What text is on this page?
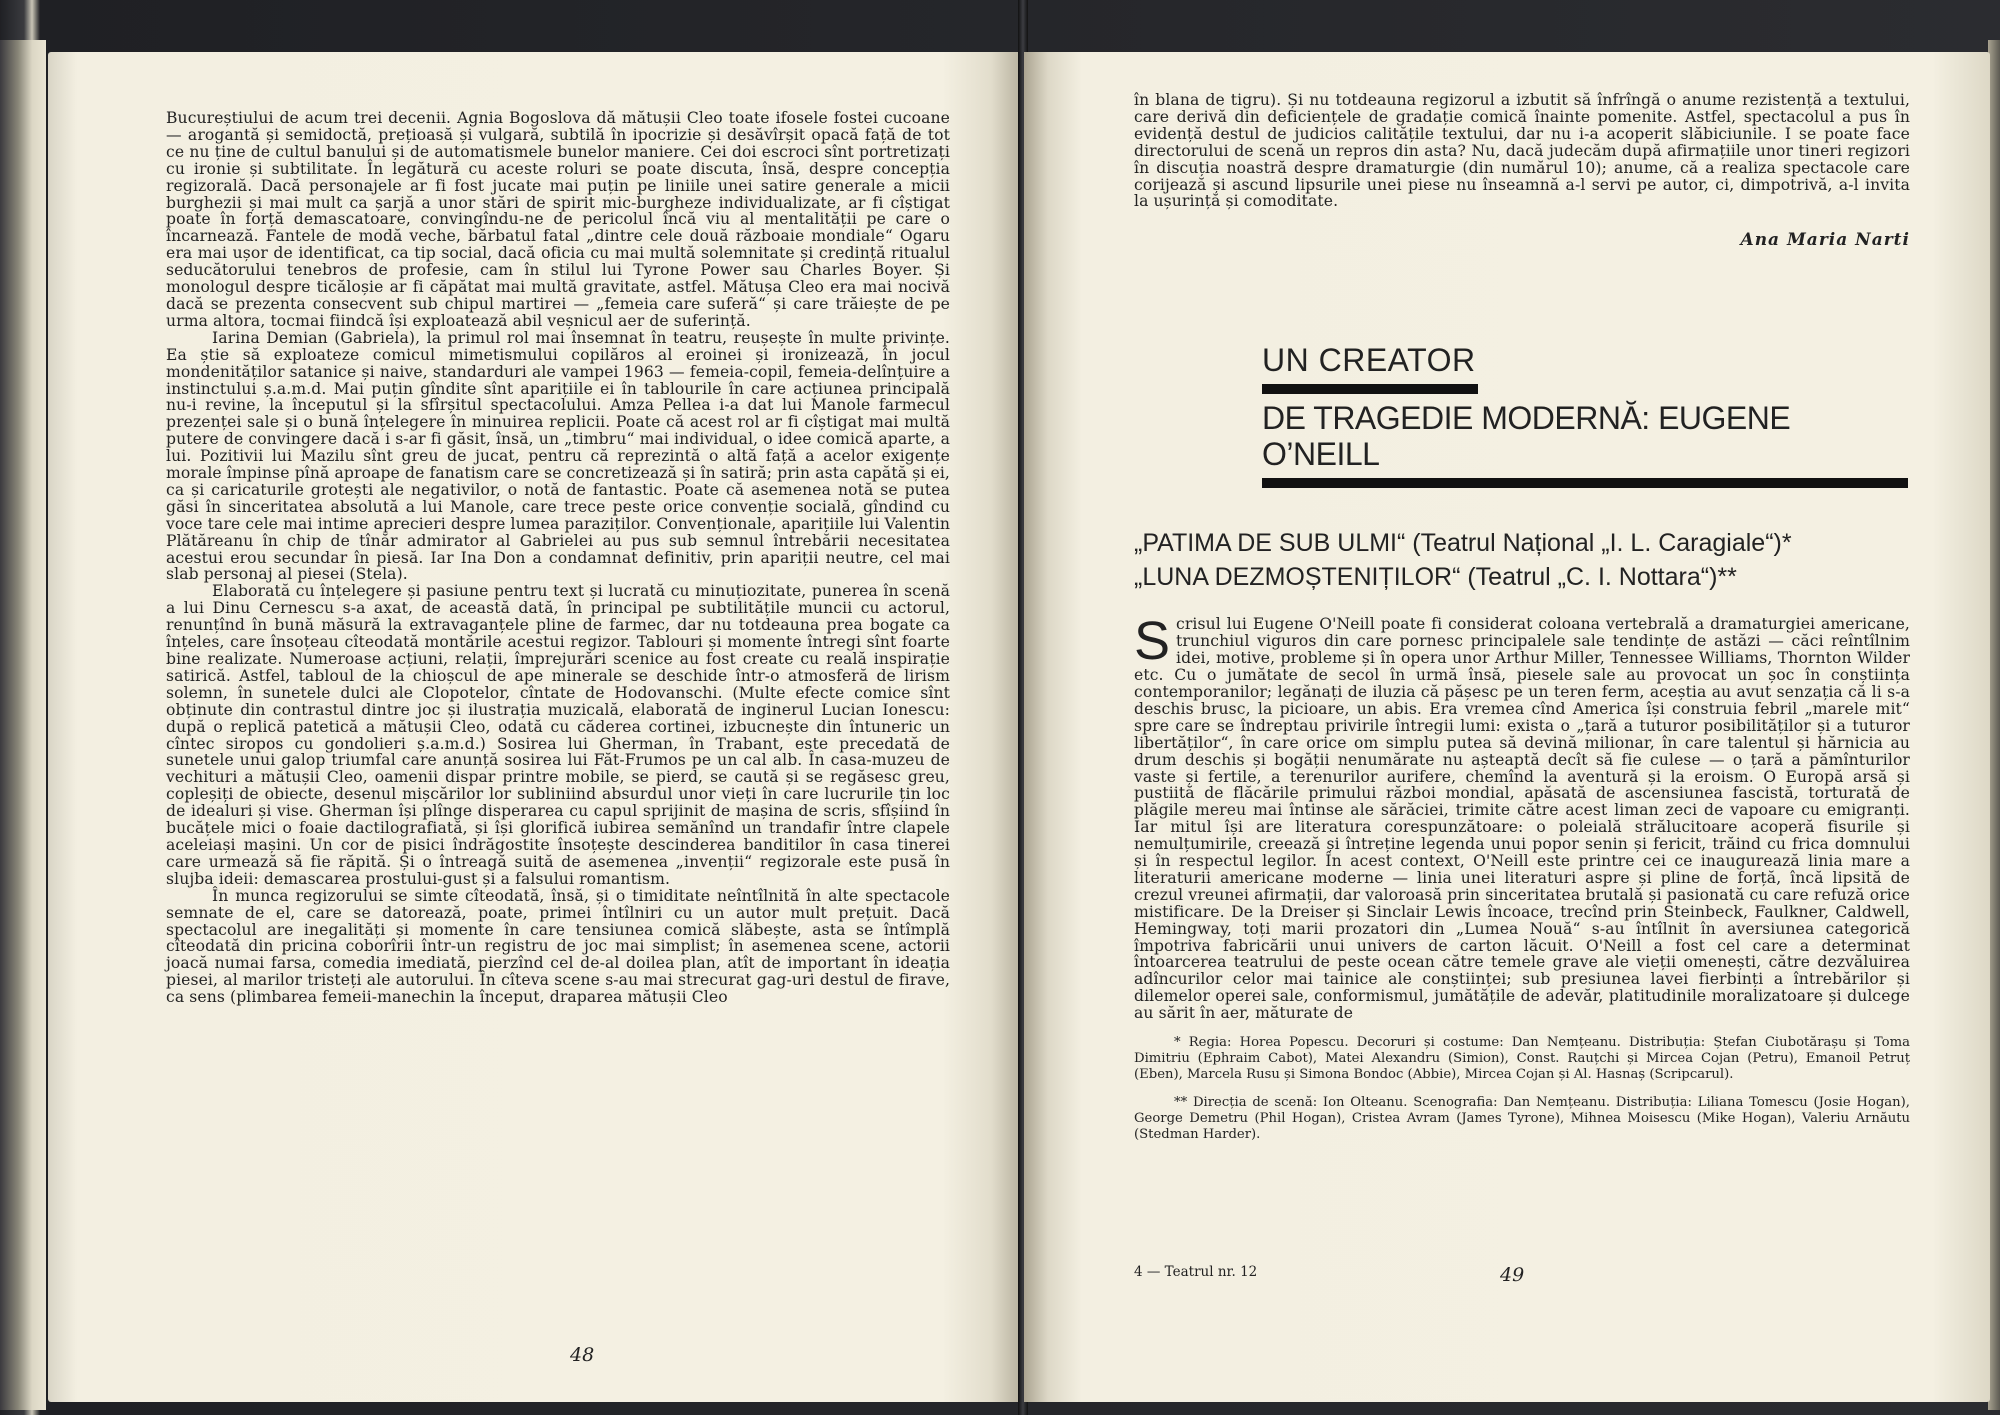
Bucureștiului de acum trei decenii. Agnia Bogoslova dă mătușii Cleo toate ifosele fostei cucoane — arogantă și semidoctă, prețioasă și vulgară, subtilă în ipocrizie și desăvîrșit opacă față de tot ce nu ține de cultul banului și de automatismele bunelor maniere. Cei doi escroci sînt portretizați cu ironie și subtilitate. În legătură cu aceste roluri se poate discuta, însă, despre concepția regizorală. Dacă personajele ar fi fost jucate mai puțin pe liniile unei satire generale a micii burghezii și mai mult ca șarjă a unor stări de spirit mic-burgheze individualizate, ar fi cîștigat poate în forță demascatoare, convingîndu-ne de pericolul încă viu al mentalității pe care o încarnează. Fantele de modă veche, bărbatul fatal „dintre cele două războaie mondiale“ Ogaru era mai ușor de identificat, ca tip social, dacă oficia cu mai multă solemnitate și credință ritualul seducătorului tenebros de profesie, cam în stilul lui Tyrone Power sau Charles Boyer. Și monologul despre ticăloșie ar fi căpătat mai multă gravitate, astfel. Mătușa Cleo era mai nocivă dacă se prezenta consecvent sub chipul martirei — „femeia care suferă“ și care trăiește de pe urma altora, tocmai fiindcă își exploatează abil veșnicul aer de suferință.

Iarina Demian (Gabriela), la primul rol mai însemnat în teatru, reușește în multe privințe. Ea știe să exploateze comicul mimetismului copilăros al eroinei și ironizează, în jocul mondenităților satanice și naive, standarduri ale vampei 1963 — femeia-copil, femeia-delînțuire a instinctului ș.a.m.d. Mai puțin gîndite sînt aparițiile ei în tablourile în care acțiunea principală nu-i revine, la începutul și la sfîrșitul spectacolului. Amza Pellea i-a dat lui Manole farmecul prezenței sale și o bună înțelegere în minuirea replicii. Poate că acest rol ar fi cîștigat mai multă putere de convingere dacă i s-ar fi găsit, însă, un „timbru“ mai individual, o idee comică aparte, a lui. Pozitivii lui Mazilu sînt greu de jucat, pentru că reprezintă o altă față a acelor exigențe morale împinse pînă aproape de fanatism care se concretizează și în satiră; prin asta capătă și ei, ca și caricaturile grotești ale negativilor, o notă de fantastic. Poate că asemenea notă se putea găsi în sinceritatea absolută a lui Manole, care trece peste orice convenție socială, gîndind cu voce tare cele mai intime aprecieri despre lumea paraziților. Convenționale, aparițiile lui Valentin Plătăreanu în chip de tînăr admirator al Gabrielei au pus sub semnul întrebării necesitatea acestui erou secundar în piesă. Iar Ina Don a condamnat definitiv, prin apariții neutre, cel mai slab personaj al piesei (Stela).

Elaborată cu înțelegere și pasiune pentru text și lucrată cu minuțiozitate, punerea în scenă a lui Dinu Cernescu s-a axat, de această dată, în principal pe subtilitățile muncii cu actorul, renunțînd în bună măsură la extravaganțele pline de farmec, dar nu totdeauna prea bogate ca înțeles, care însoțeau cîteodată montările acestui regizor. Tablouri și momente întregi sînt foarte bine realizate. Numeroase acțiuni, relații, împrejurări scenice au fost create cu reală inspirație satirică. Astfel, tabloul de la chioșcul de ape minerale se deschide într-o atmosferă de lirism solemn, în sunetele dulci ale Clopotelor, cîntate de Hodovanschi. (Multe efecte comice sînt obținute din contrastul dintre joc și ilustrația muzicală, elaborată de inginerul Lucian Ionescu: după o replică patetică a mătușii Cleo, odată cu căderea cortinei, izbucnește din întuneric un cîntec siropos cu gondolieri ș.a.m.d.) Sosirea lui Gherman, în Trabant, este precedată de sunetele unui galop triumfal care anunță sosirea lui Făt-Frumos pe un cal alb. În casa-muzeu de vechituri a mătușii Cleo, oamenii dispar printre mobile, se pierd, se caută și se regăsesc greu, copleșiți de obiecte, desenul mișcărilor lor subliniind absurdul unor vieți în care lucrurile țin loc de idealuri și vise. Gherman își plînge disperarea cu capul sprijinit de mașina de scris, sfîșiind în bucățele mici o foaie dactilografiată, și își glorifică iubirea semănînd un trandafir între clapele aceleiași mașini. Un cor de pisici îndrăgostite însoțește descinderea banditilor în casa tinerei care urmează să fie răpită. Și o întreagă suită de asemenea „invenții“ regizorale este pusă în slujba ideii: demascarea prostului-gust și a falsului romantism.

În munca regizorului se simte cîteodată, însă, și o timiditate neîntîlnită în alte spectacole semnate de el, care se datorează, poate, primei întîlniri cu un autor mult prețuit. Dacă spectacolul are inegalități și momente în care tensiunea comică slăbește, asta se întîmplă cîteodată din pricina coborîrii într-un registru de joc mai simplist; în asemenea scene, actorii joacă numai farsa, comedia imediată, pierzînd cel de-al doilea plan, atît de important în ideația piesei, al marilor tristeți ale autorului. În cîteva scene s-au mai strecurat gag-uri destul de firave, ca sens (plimbarea femeii-manechin la început, draparea mătușii Cleo

48

în blana de tigru). Și nu totdeauna regizorul a izbutit să înfrîngă o anume rezistență a textului, care derivă din deficiențele de gradație comică înainte pomenite. Astfel, spectacolul a pus în evidență destul de judicios calitățile textului, dar nu i-a acoperit slăbiciunile. I se poate face directorului de scenă un repros din asta? Nu, dacă judecăm după afirmațiile unor tineri regizori în discuția noastră despre dramaturgie (din numărul 10); anume, că a realiza spectacole care corijează și ascund lipsurile unei piese nu înseamnă a-l servi pe autor, ci, dimpotrivă, a-l invita la ușurință și comoditate.

Ana Maria Narti

UN CREATOR
DE TRAGEDIE MODERNĂ: EUGENE O’NEILL

„PATIMA DE SUB ULMI“ (Teatrul Național „I. L. Caragiale“)*

„LUNA DEZMOȘTENIȚILOR“ (Teatrul „C. I. Nottara“)**

S crisul lui Eugene O'Neill poate fi considerat coloana vertebrală a dramaturgiei americane, trunchiul viguros din care pornesc principalele sale tendințe de astăzi — căci reîntîlnim idei, motive, probleme și în opera unor Arthur Miller, Tennessee Williams, Thornton Wilder etc. Cu o jumătate de secol în urmă însă, piesele sale au provocat un șoc în conștiința contemporanilor; legănați de iluzia că pășesc pe un teren ferm, aceștia au avut senzația că li s-a deschis brusc, la picioare, un abis. Era vremea cînd America își construia febril „marele mit“ spre care se îndreptau privirile întregii lumi: exista o „țară a tuturor posibilităților și a tuturor libertăților“, în care orice om simplu putea să devină milionar, în care talentul și hărnicia au drum deschis și bogății nenumărate nu așteaptă decît să fie culese — o țară a pămînturilor vaste și fertile, a terenurilor aurifere, chemînd la aventură și la eroism. O Europă arsă și pustiită de flăcările primului război mondial, apăsată de ascensiunea fascistă, torturată de plăgile mereu mai întinse ale sărăciei, trimite către acest liman zeci de vapoare cu emigranți. Iar mitul își are literatura corespunzătoare: o poleială strălucitoare acoperă fisurile și nemulțumirile, creează și întreține legenda unui popor senin și fericit, trăind cu frica domnului și în respectul legilor. În acest context, O'Neill este printre cei ce inaugurează linia mare a literaturii americane moderne — linia unei literaturi aspre și pline de forță, încă lipsită de crezul vreunei afirmații, dar valoroasă prin sinceritatea brutală și pasionată cu care refuză orice mistificare. De la Dreiser și Sinclair Lewis încoace, trecînd prin Steinbeck, Faulkner, Caldwell, Hemingway, toți marii prozatori din „Lumea Nouă“ s-au întîlnit în aversiunea categorică împotriva fabricării unui univers de carton lăcuit. O'Neill a fost cel care a determinat întoarcerea teatrului de peste ocean către temele grave ale vieții omenești, către dezvăluirea adîncurilor celor mai tainice ale conștiinței; sub presiunea lavei fierbinți a întrebărilor și dilemelor operei sale, conformismul, jumătățile de adevăr, platitudinile moralizatoare și dulcege au sărit în aer, măturate de

* Regia: Horea Popescu. Decoruri și costume: Dan Nemțeanu. Distribuția: Ștefan Ciubotărașu și Toma Dimitriu (Ephraim Cabot), Matei Alexandru (Simion), Const. Rauțchi și Mircea Cojan (Petru), Emanoil Petruț (Eben), Marcela Rusu și Simona Bondoc (Abbie), Mircea Cojan și Al. Hasnaș (Scripcarul).

** Direcția de scenă: Ion Olteanu. Scenografia: Dan Nemțeanu. Distribuția: Liliana Tomescu (Josie Hogan), George Demetru (Phil Hogan), Cristea Avram (James Tyrone), Mihnea Moisescu (Mike Hogan), Valeriu Arnăutu (Stedman Harder).

4 — Teatrul nr. 12	49
